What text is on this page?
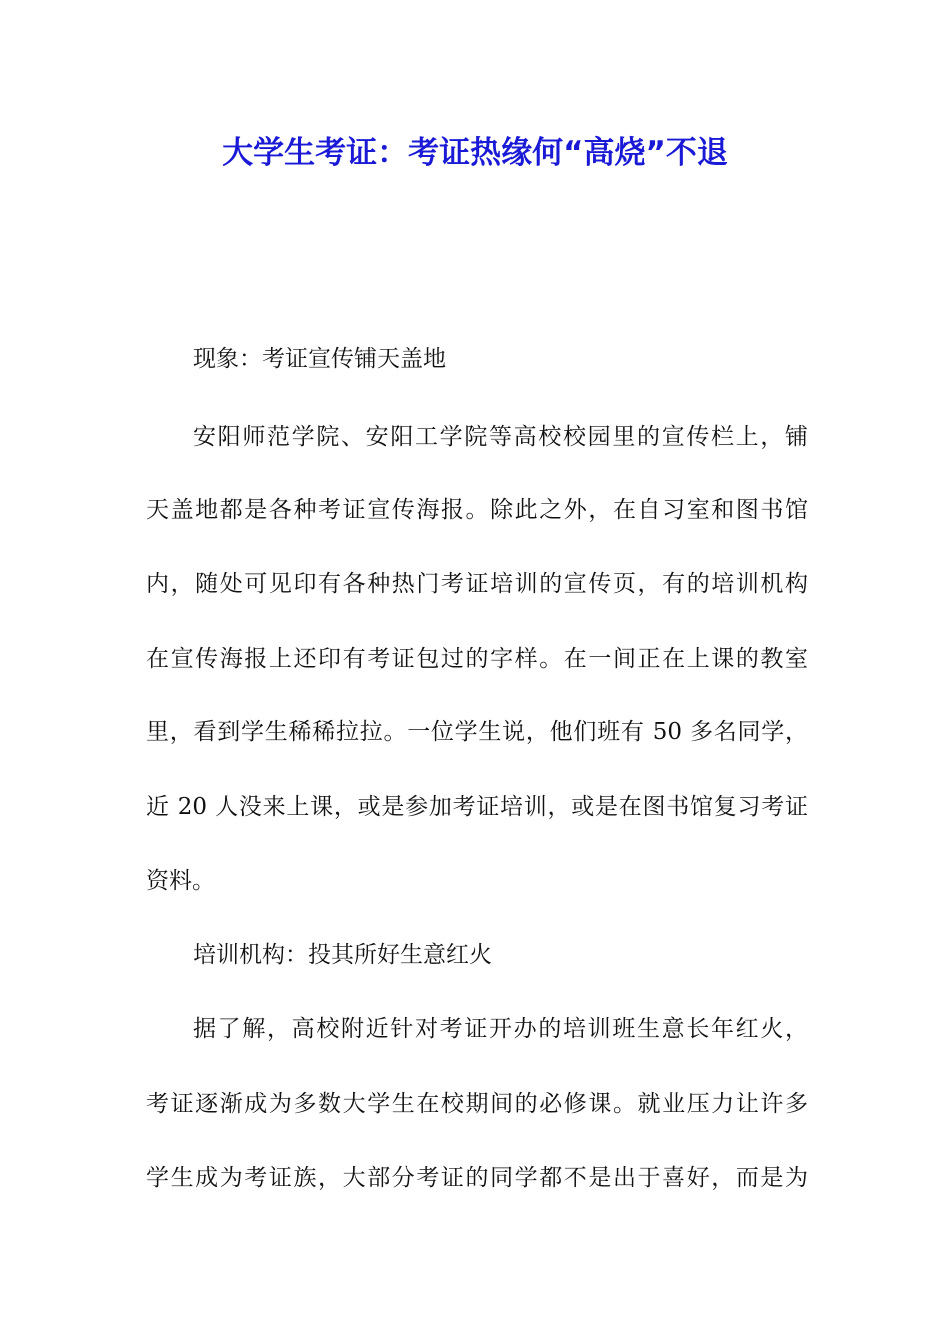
大学生考证：考证热缘何“高烧”不退

现象：考证宣传铺天盖地

安阳师范学院、安阳工学院等高校校园里的宣传栏上，铺

天盖地都是各种考证宣传海报。除此之外，在自习室和图书馆

内，随处可见印有各种热门考证培训的宣传页，有的培训机构

在宣传海报上还印有考证包过的字样。在一间正在上课的教室

里，看到学生稀稀拉拉。一位学生说，他们班有 50 多名同学，

近 20 人没来上课，或是参加考证培训，或是在图书馆复习考证

资料。

培训机构：投其所好生意红火

据了解，高校附近针对考证开办的培训班生意长年红火，

考证逐渐成为多数大学生在校期间的必修课。就业压力让许多

学生成为考证族，大部分考证的同学都不是出于喜好，而是为
